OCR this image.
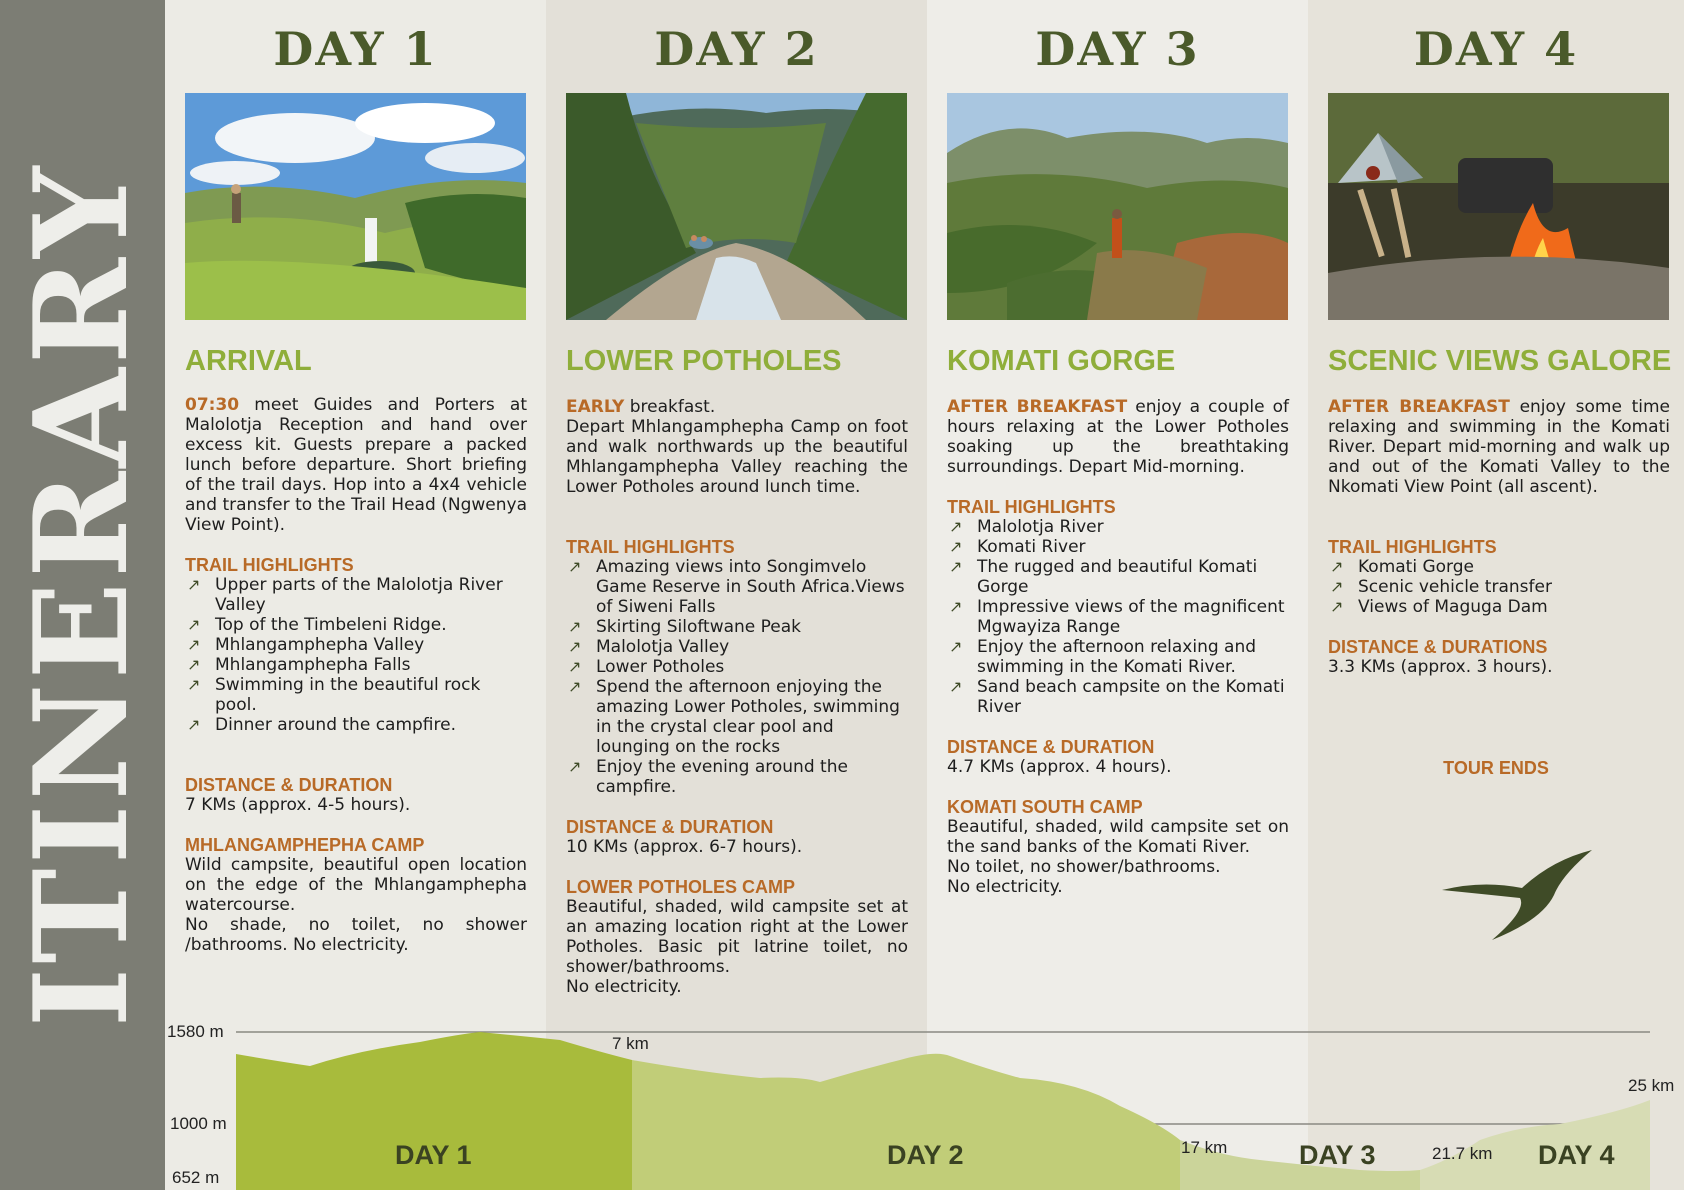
ITINERARY
DAY 1
ARRIVAL
07:30 meet Guides and Porters at Malolotja Reception and hand over excess kit. Guests prepare a packed lunch before departure. Short briefing of the trail days. Hop into a 4x4 vehicle and transfer to the Trail Head (Ngwenya View Point).
TRAIL HIGHLIGHTS
↗ Upper parts of the Malolotja River Valley
↗ Top of the Timbeleni Ridge.
↗ Mhlangamphepha Valley
↗ Mhlangamphepha Falls
↗ Swimming in the beautiful rock pool.
↗ Dinner around the campfire.
DISTANCE & DURATION
7 KMs (approx. 4-5 hours).
MHLANGAMPHEPHA CAMP
Wild campsite, beautiful open location on the edge of the Mhlangamphepha watercourse.
No shade, no toilet, no shower /bathrooms. No electricity.
DAY 2
LOWER POTHOLES
EARLY breakfast.
Depart Mhlangamphepha Camp on foot and walk northwards up the beautiful Mhlangamphepha Valley reaching the Lower Potholes around lunch time.
TRAIL HIGHLIGHTS
↗ Amazing views into Songimvelo Game Reserve in South Africa.Views of Siweni Falls
↗ Skirting Siloftwane Peak
↗ Malolotja Valley
↗ Lower Potholes
↗ Spend the afternoon enjoying the amazing Lower Potholes, swimming in the crystal clear pool and lounging on the rocks
↗ Enjoy the evening around the campfire.
DISTANCE & DURATION
10 KMs (approx. 6-7 hours).
LOWER POTHOLES CAMP
Beautiful, shaded, wild campsite set at an amazing location right at the Lower Potholes. Basic pit latrine toilet, no shower/bathrooms.
No electricity.
DAY 3
KOMATI GORGE
AFTER BREAKFAST enjoy a couple of hours relaxing at the Lower Potholes soaking up the breathtaking surroundings. Depart Mid-morning.
TRAIL HIGHLIGHTS
↗ Malolotja River
↗ Komati River
↗ The rugged and beautiful Komati Gorge
↗ Impressive views of the magnificent Mgwayiza Range
↗ Enjoy the afternoon relaxing and swimming in the Komati River.
↗ Sand beach campsite on the Komati River
DISTANCE & DURATION
4.7 KMs (approx. 4 hours).
KOMATI SOUTH CAMP
Beautiful, shaded, wild campsite set on the sand banks of the Komati River.
No toilet, no shower/bathrooms.
No electricity.
DAY 4
SCENIC VIEWS GALORE
AFTER BREAKFAST enjoy some time relaxing and swimming in the Komati River. Depart mid-morning and walk up and out of the Komati Valley to the Nkomati View Point (all ascent).
TRAIL HIGHLIGHTS
↗ Komati Gorge
↗ Scenic vehicle transfer
↗ Views of Maguga Dam
DISTANCE & DURATIONS
3.3 KMs (approx. 3 hours).
TOUR ENDS
1580 m
1000 m
652 m
7 km
17 km	21.7 km
25 km
DAY 1	DAY 2	DAY 3	DAY 4
